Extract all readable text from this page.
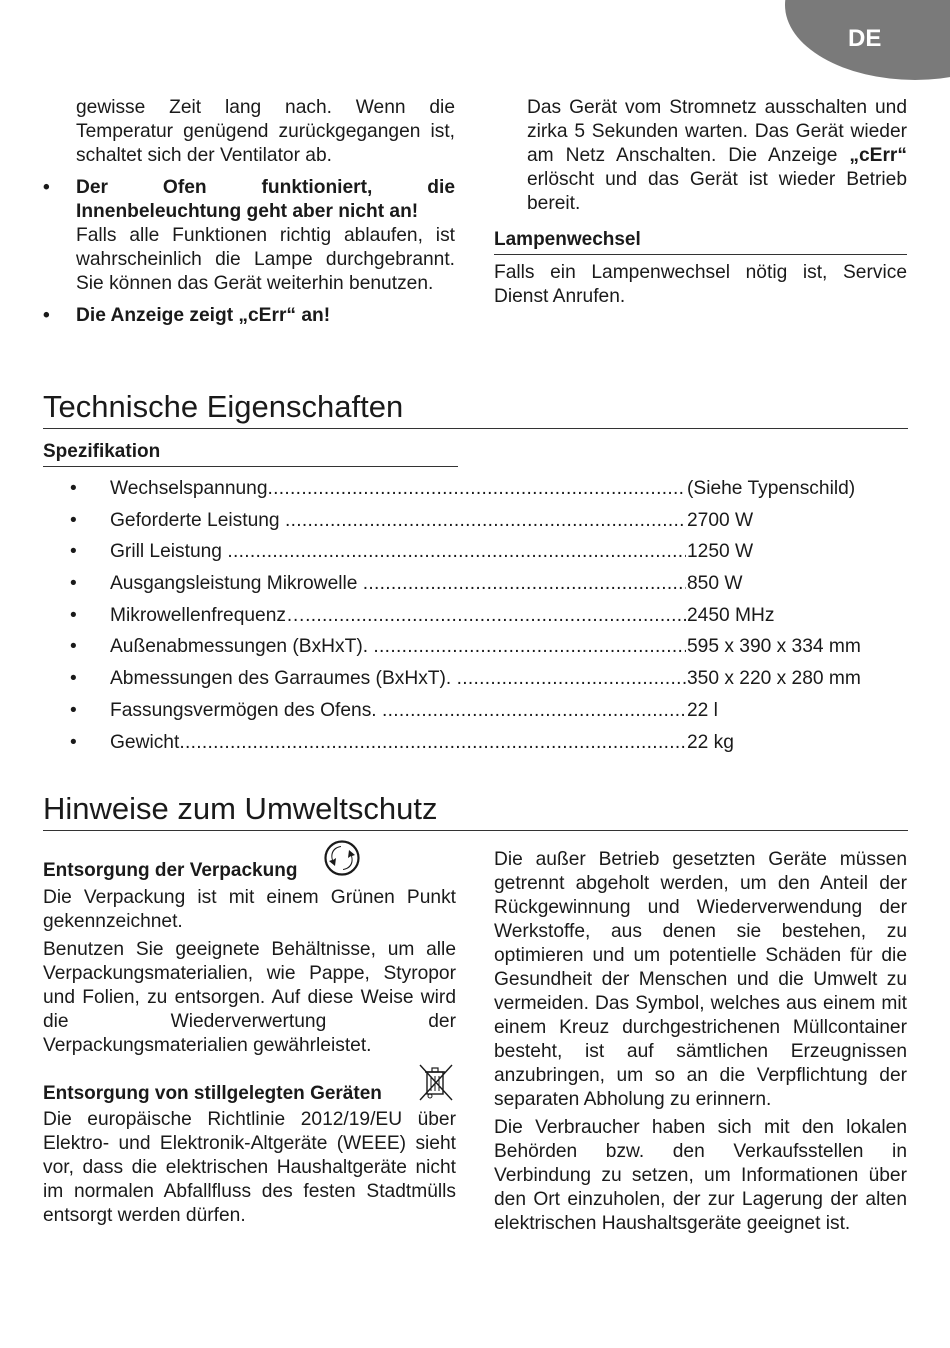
DE

gewisse Zeit lang nach. Wenn die Temperatur genügend zurückgegangen ist, schaltet sich der Ventilator ab.

• Der Ofen funktioniert, die Innenbeleuchtung geht aber nicht an!

Falls alle Funktionen richtig ablaufen, ist wahrscheinlich die Lampe durchgebrannt. Sie können das Gerät weiterhin benutzen.

• Die Anzeige zeigt „cErr“ an!

Das Gerät vom Stromnetz ausschalten und zirka 5 Sekunden warten. Das Gerät wieder am Netz Anschalten. Die Anzeige „cErr“ erlöscht und das Gerät ist wieder Betrieb bereit.

Lampenwechsel

Falls ein Lampenwechsel nötig ist, Service Dienst Anrufen.

Technische Eigenschaften
Spezifikation
• Wechselspannung .....	(Siehe Typenschild)
• Geforderte Leistung .....	2700 W
• Grill Leistung .....	1250 W
• Ausgangsleistung Mikrowelle .....	850 W
• Mikrowellenfrequenz… .....	2450 MHz
• Außenabmessungen (BxHxT). .....	595 x 390 x 334 mm
• Abmessungen des Garraumes (BxHxT). .....	350 x 220 x 280 mm
• Fassungsvermögen des Ofens. .....	22 l
• Gewicht .....	22 kg
Hinweise zum Umweltschutz
Entsorgung der Verpackung

Die Verpackung ist mit einem Grünen Punkt gekennzeichnet.

Benutzen Sie geeignete Behältnisse, um alle Verpackungsmaterialien, wie Pappe, Styropor und Folien, zu entsorgen. Auf diese Weise wird die Wiederverwertung der Verpackungsmaterialien gewährleistet.

Entsorgung von stillgelegten Geräten

Die europäische Richtlinie 2012/19/EU über Elektro- und Elektronik-Altgeräte (WEEE) sieht vor, dass die elektrischen Haushaltgeräte nicht im normalen Abfallfluss des festen Stadtmülls entsorgt werden dürfen.

Die außer Betrieb gesetzten Geräte müssen getrennt abgeholt werden, um den Anteil der Rückgewinnung und Wiederverwendung der Werkstoffe, aus denen sie bestehen, zu optimieren und um potentielle Schäden für die Gesundheit der Menschen und die Umwelt zu vermeiden. Das Symbol, welches aus einem mit einem Kreuz durchgestrichenen Müllcontainer besteht, ist auf sämtlichen Erzeugnissen anzubringen, um so an die Verpflichtung der separaten Abholung zu erinnern.

Die Verbraucher haben sich mit den lokalen Behörden bzw. den Verkaufsstellen in Verbindung zu setzen, um Informationen über den Ort einzuholen, der zur Lagerung der alten elektrischen Haushaltsgeräte geeignet ist.
